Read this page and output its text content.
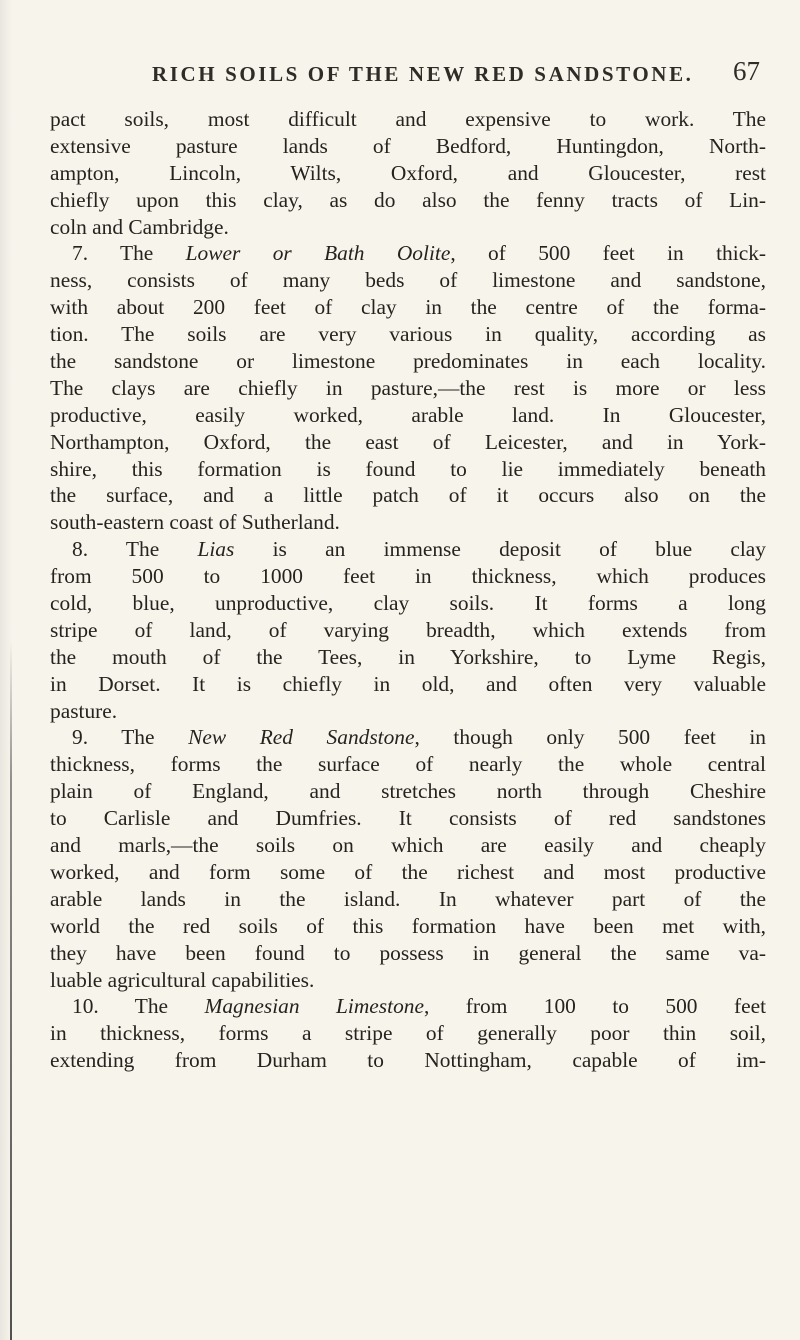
RICH SOILS OF THE NEW RED SANDSTONE. 67
pact soils, most difficult and expensive to work. The
extensive pasture lands of Bedford, Huntingdon, North-
ampton, Lincoln, Wilts, Oxford, and Gloucester, rest
chiefly upon this clay, as do also the fenny tracts of Lin-
coln and Cambridge.
7. The Lower or Bath Oolite, of 500 feet in thick-
ness, consists of many beds of limestone and sandstone,
with about 200 feet of clay in the centre of the forma-
tion. The soils are very various in quality, according as
the sandstone or limestone predominates in each locality.
The clays are chiefly in pasture,—the rest is more or less
productive, easily worked, arable land. In Gloucester,
Northampton, Oxford, the east of Leicester, and in York-
shire, this formation is found to lie immediately beneath
the surface, and a little patch of it occurs also on the
south-eastern coast of Sutherland.
8. The Lias is an immense deposit of blue clay
from 500 to 1000 feet in thickness, which produces
cold, blue, unproductive, clay soils. It forms a long
stripe of land, of varying breadth, which extends from
the mouth of the Tees, in Yorkshire, to Lyme Regis,
in Dorset. It is chiefly in old, and often very valuable
pasture.
9. The New Red Sandstone, though only 500 feet in
thickness, forms the surface of nearly the whole central
plain of England, and stretches north through Cheshire
to Carlisle and Dumfries. It consists of red sandstones
and marls,—the soils on which are easily and cheaply
worked, and form some of the richest and most productive
arable lands in the island. In whatever part of the
world the red soils of this formation have been met with,
they have been found to possess in general the same va-
luable agricultural capabilities.
10. The Magnesian Limestone, from 100 to 500 feet
in thickness, forms a stripe of generally poor thin soil,
extending from Durham to Nottingham, capable of im-
